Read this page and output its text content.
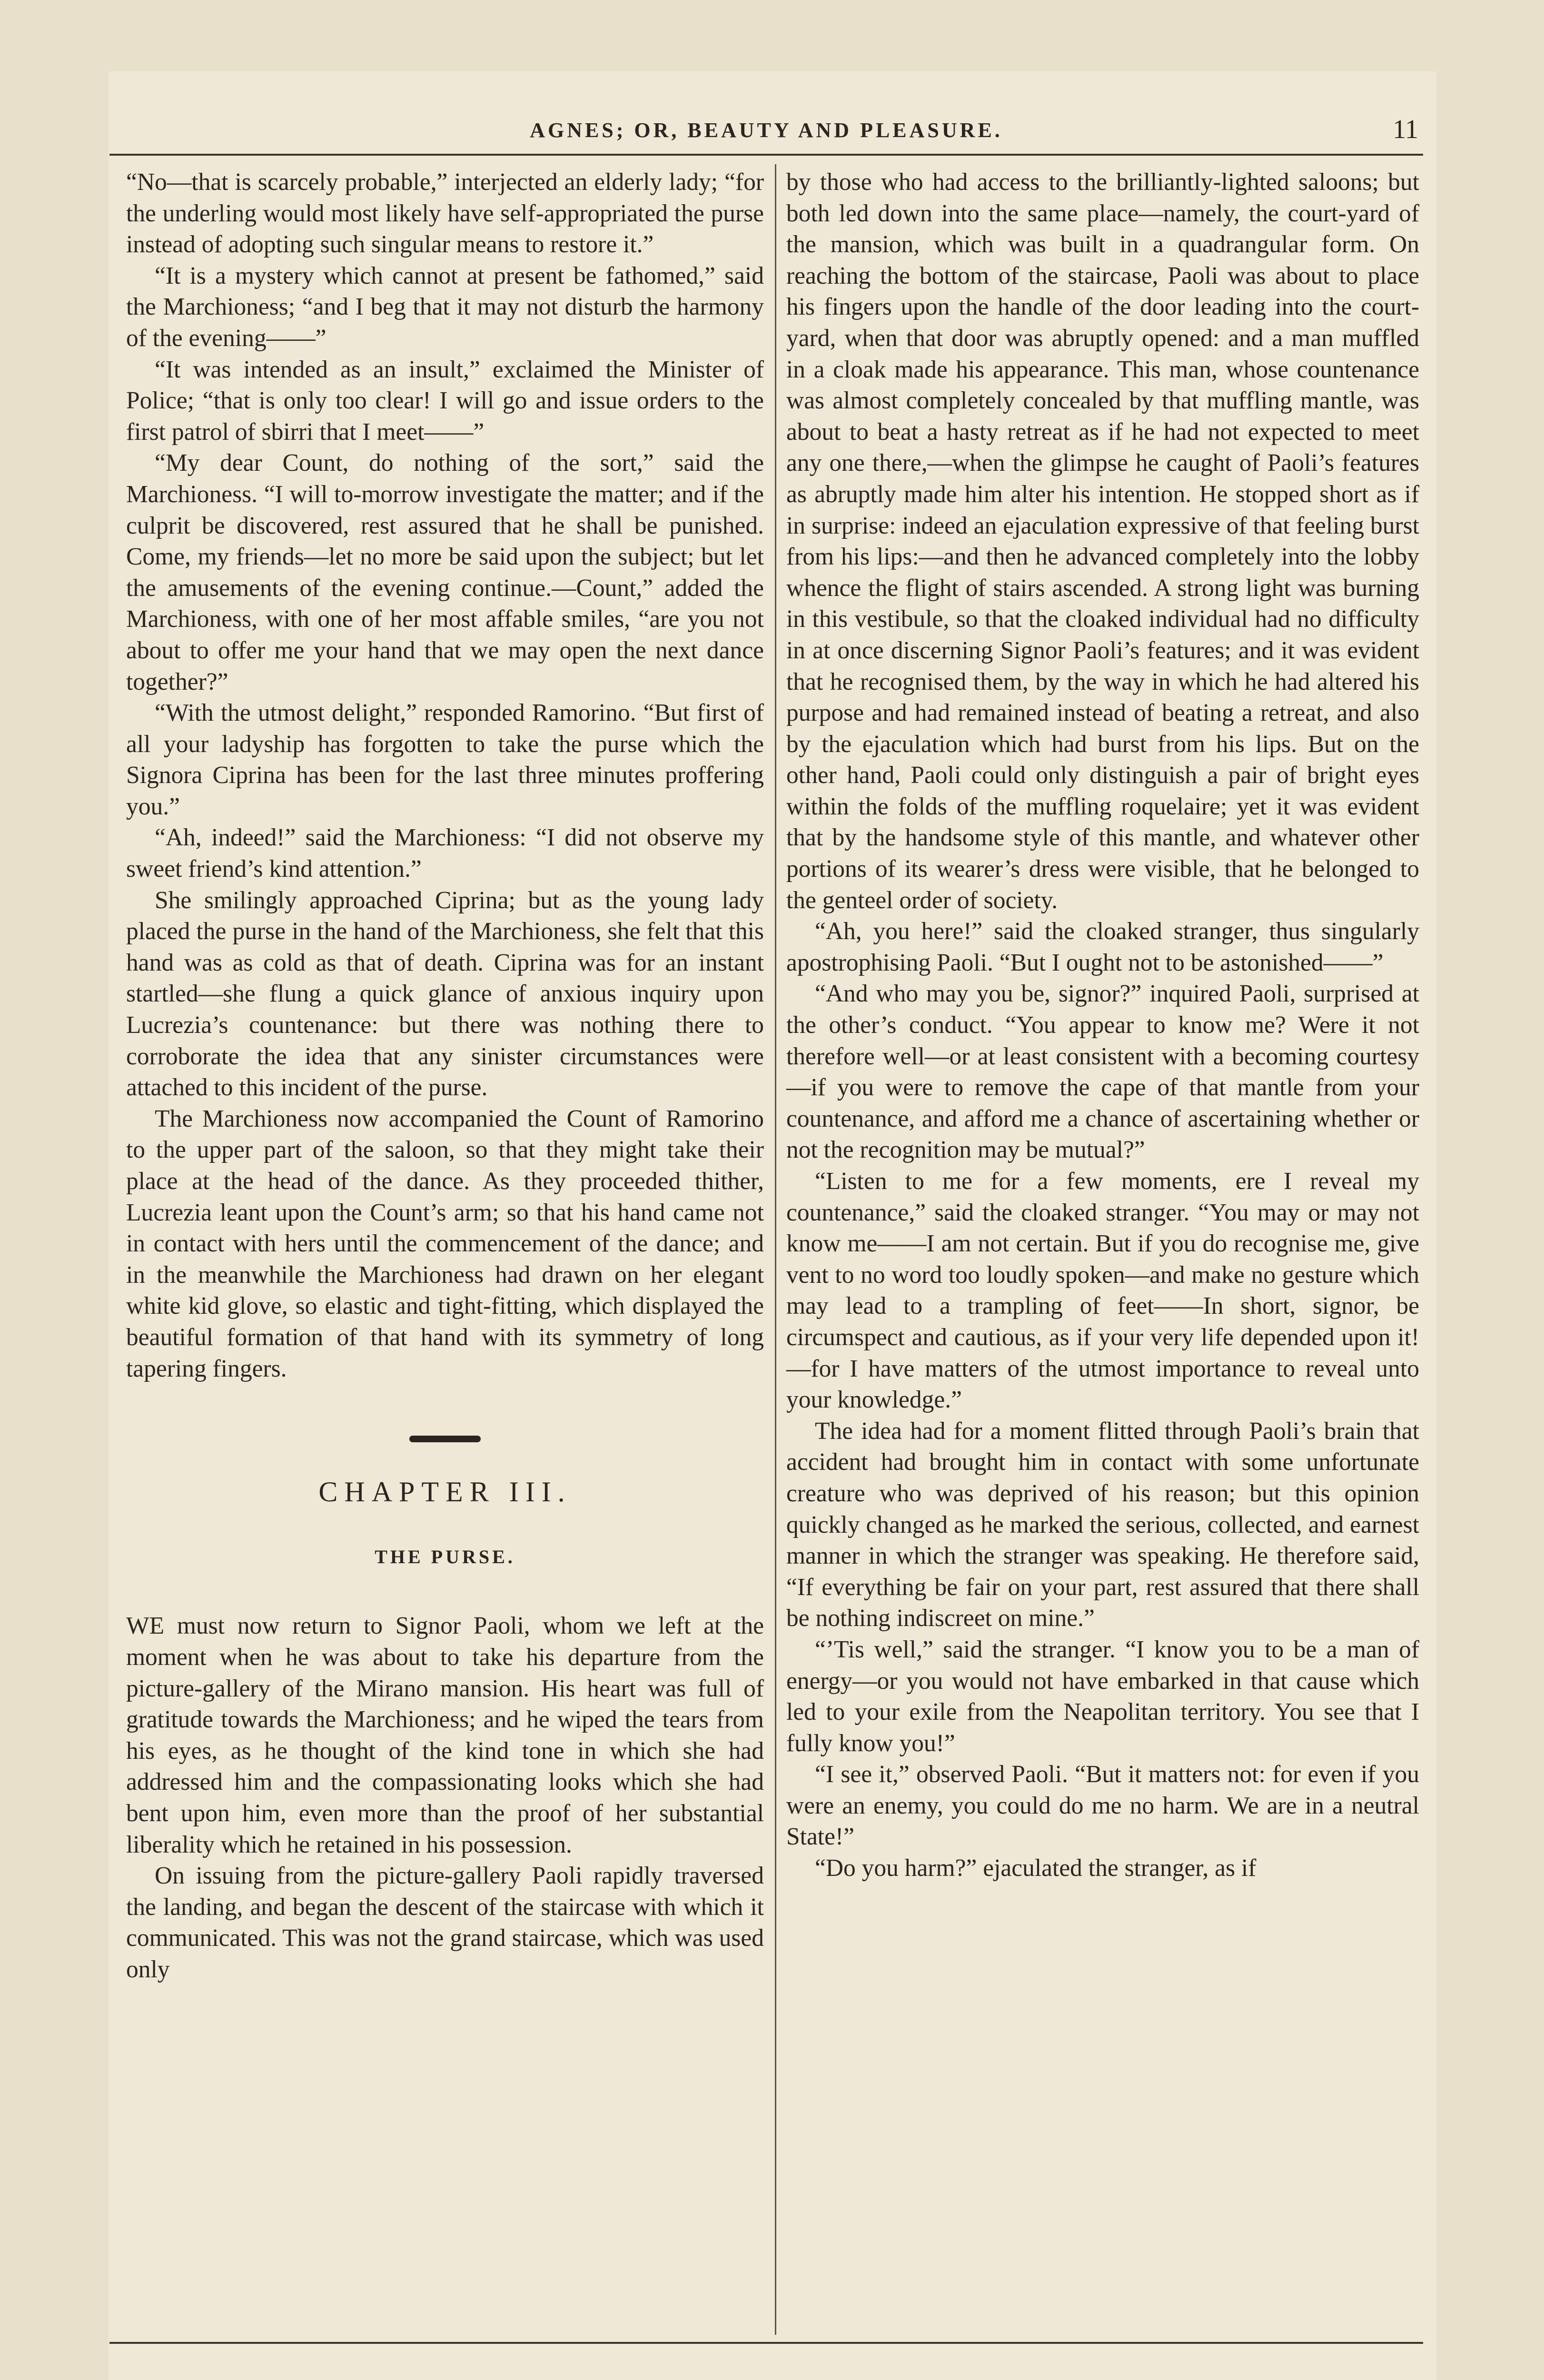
AGNES; OR, BEAUTY AND PLEASURE.	11

“No—that is scarcely probable,” interjected an elderly lady; “for the underling would most likely have self-appropriated the purse instead of adopting such singular means to restore it.”

“It is a mystery which cannot at present be fathomed,” said the Marchioness; “and I beg that it may not disturb the harmony of the evening——”

“It was intended as an insult,” exclaimed the Minister of Police; “that is only too clear! I will go and issue orders to the first patrol of sbirri that I meet——”

“My dear Count, do nothing of the sort,” said the Marchioness. “I will to-morrow investigate the matter; and if the culprit be discovered, rest assured that he shall be punished. Come, my friends—let no more be said upon the subject; but let the amusements of the evening continue.—Count,” added the Marchioness, with one of her most affable smiles, “are you not about to offer me your hand that we may open the next dance together?”

“With the utmost delight,” responded Ramorino. “But first of all your ladyship has forgotten to take the purse which the Signora Ciprina has been for the last three minutes proffering you.”

“Ah, indeed!” said the Marchioness: “I did not observe my sweet friend’s kind attention.”

She smilingly approached Ciprina; but as the young lady placed the purse in the hand of the Marchioness, she felt that this hand was as cold as that of death. Ciprina was for an instant startled—she flung a quick glance of anxious inquiry upon Lucrezia’s countenance: but there was nothing there to corroborate the idea that any sinister circumstances were attached to this incident of the purse.

The Marchioness now accompanied the Count of Ramorino to the upper part of the saloon, so that they might take their place at the head of the dance. As they proceeded thither, Lucrezia leant upon the Count’s arm; so that his hand came not in contact with hers until the commencement of the dance; and in the meanwhile the Marchioness had drawn on her elegant white kid glove, so elastic and tight-fitting, which displayed the beautiful formation of that hand with its symmetry of long tapering fingers.

CHAPTER III.
THE PURSE.

WE must now return to Signor Paoli, whom we left at the moment when he was about to take his departure from the picture-gallery of the Mirano mansion. His heart was full of gratitude towards the Marchioness; and he wiped the tears from his eyes, as he thought of the kind tone in which she had addressed him and the compassionating looks which she had bent upon him, even more than the proof of her substantial liberality which he retained in his possession.

On issuing from the picture-gallery Paoli rapidly traversed the landing, and began the descent of the staircase with which it communicated. This was not the grand staircase, which was used only

by those who had access to the brilliantly-lighted saloons; but both led down into the same place—namely, the court-yard of the mansion, which was built in a quadrangular form. On reaching the bottom of the staircase, Paoli was about to place his fingers upon the handle of the door leading into the court-yard, when that door was abruptly opened: and a man muffled in a cloak made his appearance. This man, whose countenance was almost completely concealed by that muffling mantle, was about to beat a hasty retreat as if he had not expected to meet any one there,—when the glimpse he caught of Paoli’s features as abruptly made him alter his intention. He stopped short as if in surprise: indeed an ejaculation expressive of that feeling burst from his lips:—and then he advanced completely into the lobby whence the flight of stairs ascended. A strong light was burning in this vestibule, so that the cloaked individual had no difficulty in at once discerning Signor Paoli’s features; and it was evident that he recognised them, by the way in which he had altered his purpose and had remained instead of beating a retreat, and also by the ejaculation which had burst from his lips. But on the other hand, Paoli could only distinguish a pair of bright eyes within the folds of the muffling roquelaire; yet it was evident that by the handsome style of this mantle, and whatever other portions of its wearer’s dress were visible, that he belonged to the genteel order of society.

“Ah, you here!” said the cloaked stranger, thus singularly apostrophising Paoli. “But I ought not to be astonished——”

“And who may you be, signor?” inquired Paoli, surprised at the other’s conduct. “You appear to know me? Were it not therefore well—or at least consistent with a becoming courtesy—if you were to remove the cape of that mantle from your countenance, and afford me a chance of ascertaining whether or not the recognition may be mutual?”

“Listen to me for a few moments, ere I reveal my countenance,” said the cloaked stranger. “You may or may not know me——I am not certain. But if you do recognise me, give vent to no word too loudly spoken—and make no gesture which may lead to a trampling of feet——In short, signor, be circumspect and cautious, as if your very life depended upon it!—for I have matters of the utmost importance to reveal unto your knowledge.”

The idea had for a moment flitted through Paoli’s brain that accident had brought him in contact with some unfortunate creature who was deprived of his reason; but this opinion quickly changed as he marked the serious, collected, and earnest manner in which the stranger was speaking. He therefore said, “If everything be fair on your part, rest assured that there shall be nothing indiscreet on mine.”

“’Tis well,” said the stranger. “I know you to be a man of energy—or you would not have embarked in that cause which led to your exile from the Neapolitan territory. You see that I fully know you!”

“I see it,” observed Paoli. “But it matters not: for even if you were an enemy, you could do me no harm. We are in a neutral State!”

“Do you harm?” ejaculated the stranger, as if
